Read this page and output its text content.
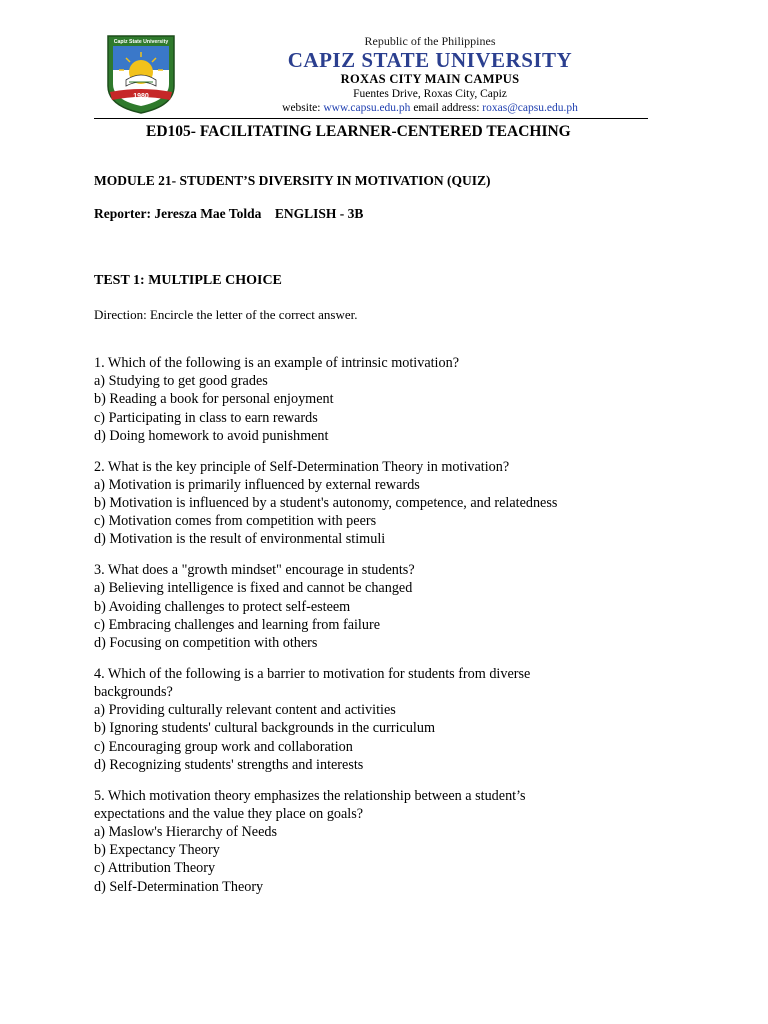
1980
Capiz State University	Republic of the Philippines
CAPIZ STATE UNIVERSITY
ROXAS CITY MAIN CAMPUS
Fuentes Drive, Roxas City, Capiz
website: www.capsu.edu.ph email address: roxas@capsu.edu.ph
ED105- FACILITATING LEARNER-CENTERED TEACHING
MODULE 21- STUDENT’S DIVERSITY IN MOTIVATION (QUIZ)
Reporter: Jeresza Mae Tolda    ENGLISH - 3B
TEST 1: MULTIPLE CHOICE
Direction: Encircle the letter of the correct answer.
1. Which of the following is an example of intrinsic motivation?
a) Studying to get good grades
b) Reading a book for personal enjoyment
c) Participating in class to earn rewards
d) Doing homework to avoid punishment
2. What is the key principle of Self-Determination Theory in motivation?
a) Motivation is primarily influenced by external rewards
b) Motivation is influenced by a student's autonomy, competence, and relatedness
c) Motivation comes from competition with peers
d) Motivation is the result of environmental stimuli
3. What does a "growth mindset" encourage in students?
a) Believing intelligence is fixed and cannot be changed
b) Avoiding challenges to protect self-esteem
c) Embracing challenges and learning from failure
d) Focusing on competition with others
4. Which of the following is a barrier to motivation for students from diverse
backgrounds?
a) Providing culturally relevant content and activities
b) Ignoring students' cultural backgrounds in the curriculum
c) Encouraging group work and collaboration
d) Recognizing students' strengths and interests
5. Which motivation theory emphasizes the relationship between a student’s
expectations and the value they place on goals?
a) Maslow's Hierarchy of Needs
b) Expectancy Theory
c) Attribution Theory
d) Self-Determination Theory
